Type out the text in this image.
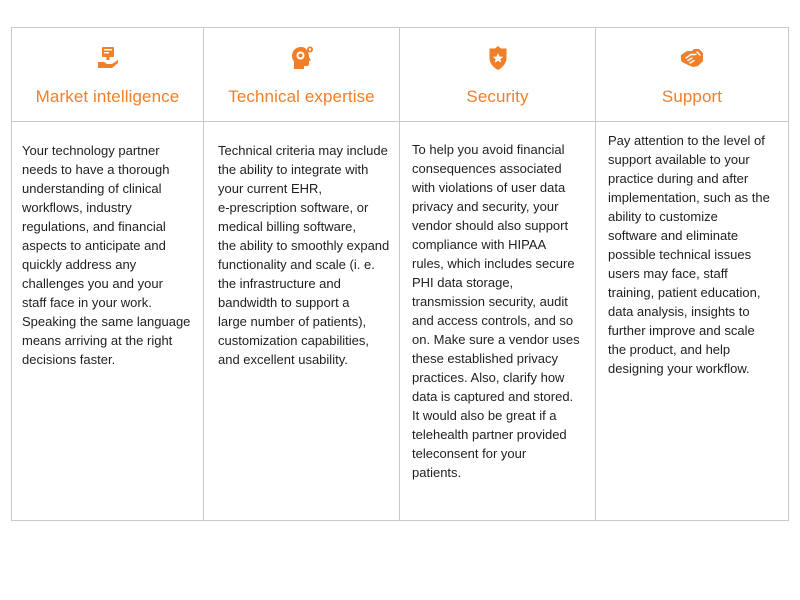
Market intelligence
Your technology partner
needs to have a thorough
understanding of clinical
workflows, industry
regulations, and financial
aspects to anticipate and
quickly address any
challenges you and your
staff face in your work.
Speaking the same language
means arriving at the right
decisions faster.
Technical expertise
Technical criteria may include
the ability to integrate with
your current EHR,
e-prescription software, or
medical billing software,
the ability to smoothly expand
functionality and scale (i. e.
the infrastructure and
bandwidth to support a
large number of patients),
customization capabilities,
and excellent usability.
Security
To help you avoid financial
consequences associated
with violations of user data
privacy and security, your
vendor should also support
compliance with HIPAA
rules, which includes secure
PHI data storage,
transmission security, audit
and access controls, and so
on. Make sure a vendor uses
these established privacy
practices. Also, clarify how
data is captured and stored.
It would also be great if a
telehealth partner provided
teleconsent for your
patients.
Support
Pay attention to the level of
support available to your
practice during and after
implementation, such as the
ability to customize
software and eliminate
possible technical issues
users may face, staff
training, patient education,
data analysis, insights to
further improve and scale
the product, and help
designing your workflow.
